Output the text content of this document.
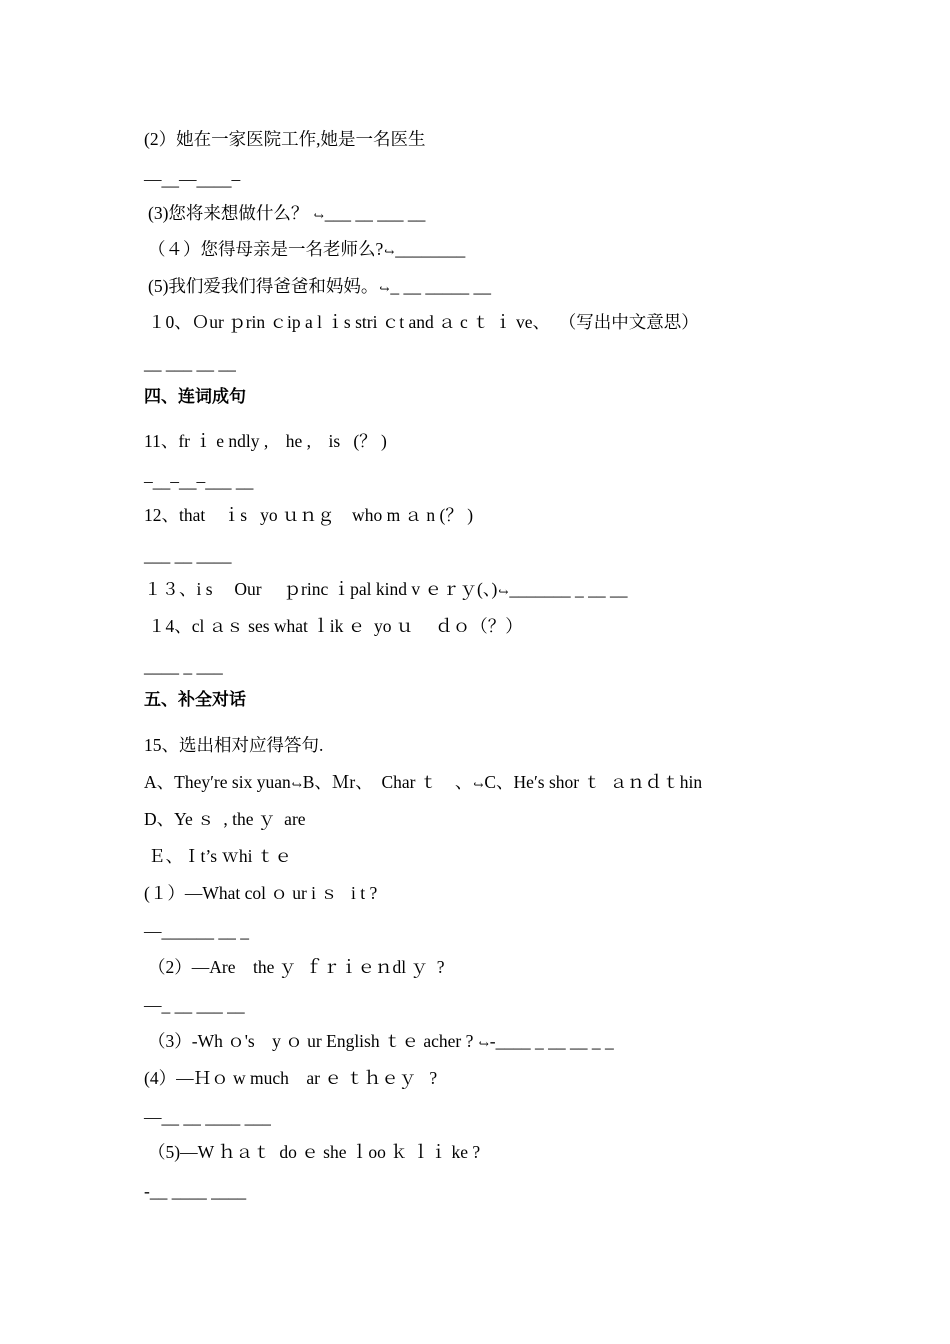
(2）她在一家医院工作,她是一名医生
—__—____–
(3)您将来想做什么？ ↪___ __ ___ __
（４）您得母亲是一名老师么?↪________
(5)我们爱我们得爸爸和妈妈。↪_ __ _____ __
１0、Ｏur ｐrin ｃip a l ｉs stri ｃt and ａ c ｔ ｉ ve、  （写出中文意思）
__ ___ __ __
四、连词成句
11、fr ｉ e ndly ,    he ,    is   (？ )
–__–__–___ __
12、that    ｉs   yo ｕｎｇ    who m ａ n (？ )
___ __ ____
１３、i s     Our     ｐrinc ｉpal kind v ｅｒｙ(、)↪_______ _ __ __
１4、cl ａｓ ses what ｌik ｅ  yo ｕ     ｄｏ（？）
____ _ ___
五、补全对话
15、选出相对应得答句.
A、They′re six yuan↪B、Ｍr、  Char ｔ    、↪C、He′s shor ｔ  ａｎｄｔhin
D、Ye ｓ  , the ｙ  are
Ｅ、Ｉt’s ｗhi ｔｅ
(１）—What col ｏ ur i ｓ   i t ?
—______ __ _
（2）—Are    the ｙ  ｆｒｉｅｎdl ｙ  ?
—_ __ ___ __
（3）-Wh ｏ's    y ｏ ur English ｔｅ acher ? ↪-____ _ __ __ _ _
(4）—Ｈｏ w much    ar ｅ ｔｈｅｙ   ?
—__ __ ____ ___
（5)—W ｈａｔ  do ｅ she ｌoo ｋ ｌｉ ke ?
-__ ____ ____
